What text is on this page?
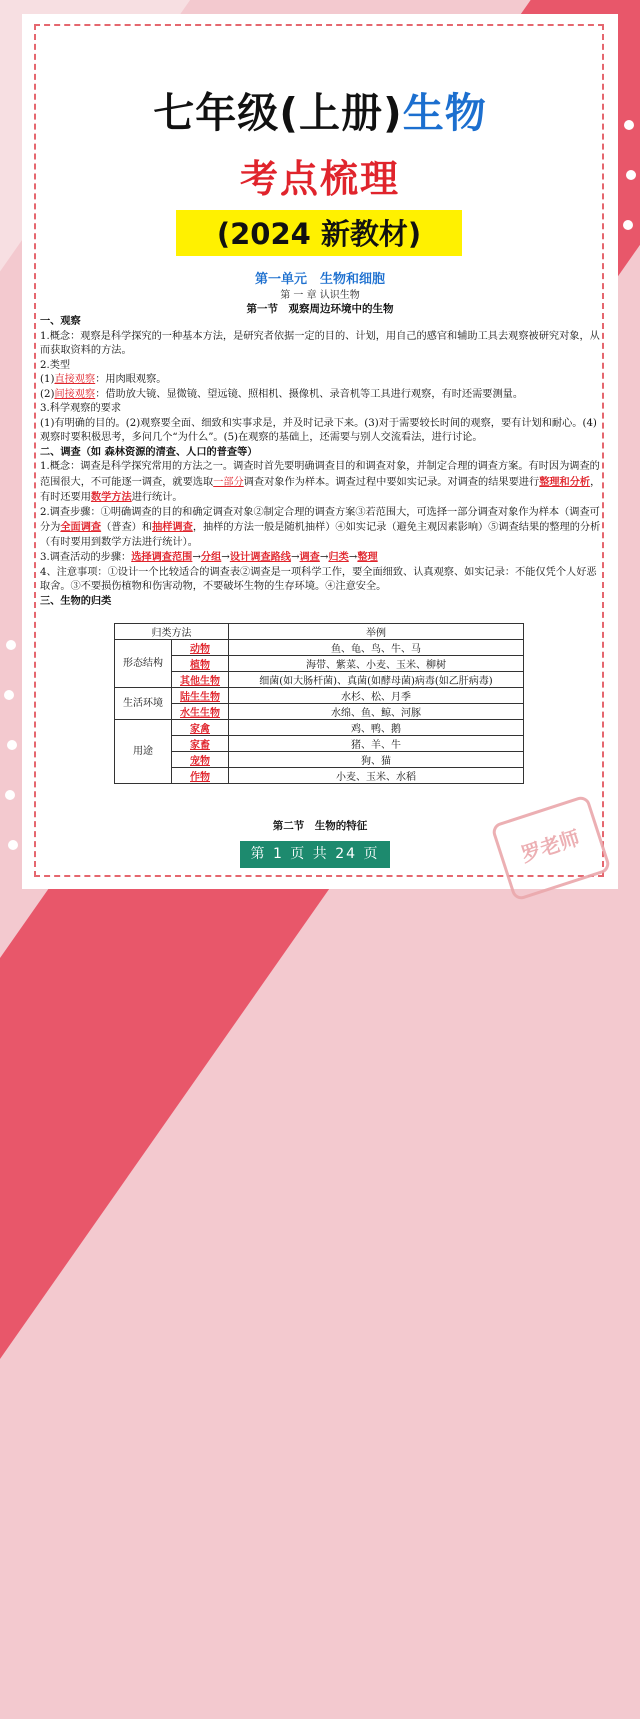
七年级(上册)生物
考点梳理
(2024 新教材)
第一单元　生物和细胞
第 一 章 认识生物
第一节　观察周边环境中的生物

一、观察

1.概念：观察是科学探究的一种基本方法，是研究者依据一定的目的、计划，用自己的感官和辅助工具去观察被研究对象，从而获取资料的方法。

2.类型

(1)直接观察：用肉眼观察。

(2)间接观察：借助放大镜、显微镜、望远镜、照相机、摄像机、录音机等工具进行观察，有时还需要测量。

3.科学观察的要求

(1)有明确的目的。(2)观察要全面、细致和实事求是，并及时记录下来。(3)对于需要较长时间的观察，要有计划和耐心。(4)观察时要积极思考，多问几个“为什么”。(5)在观察的基础上，还需要与别人交流看法，进行讨论。

二、调查（如 森林资源的清查、人口的普查等）

1.概念：调查是科学探究常用的方法之一。调查时首先要明确调查目的和调查对象，并制定合理的调查方案。有时因为调查的范围很大，不可能逐一调查，就要选取一部分调查对象作为样本。调查过程中要如实记录。对调查的结果要进行整理和分析，有时还要用数学方法进行统计。

2.调查步骤：①明确调查的目的和确定调查对象②制定合理的调查方案③若范围大，可选择一部分调查对象作为样本（调查可分为全面调查（普查）和抽样调查，抽样的方法一般是随机抽样）④如实记录（避免主观因素影响）⑤调查结果的整理的分析（有时要用到数学方法进行统计）。

3.调查活动的步骤：选择调查范围→分组→设计调查路线→调查→归类→整理

4、注意事项：①设计一个比较适合的调查表②调查是一项科学工作，要全面细致、认真观察、如实记录：不能仅凭个人好恶取舍。③不要损伤植物和伤害动物，不要破坏生物的生存环境。④注意安全。

三、生物的归类

归类方法		举例
形态结构	动物	鱼、龟、鸟、牛、马
	植物	海带、紫菜、小麦、玉米、柳树
	其他生物	细菌(如大肠杆菌)、真菌(如酵母菌)病毒(如乙肝病毒)
生活环境	陆生生物	水杉、松、月季
	水生生物	水绵、鱼、鲸、河豚
用途	家禽	鸡、鸭、鹅
	家畜	猪、羊、牛
	宠物	狗、猫
	作物	小麦、玉米、水稻
第二节　生物的特征
第 1 页 共 24 页	罗老师
